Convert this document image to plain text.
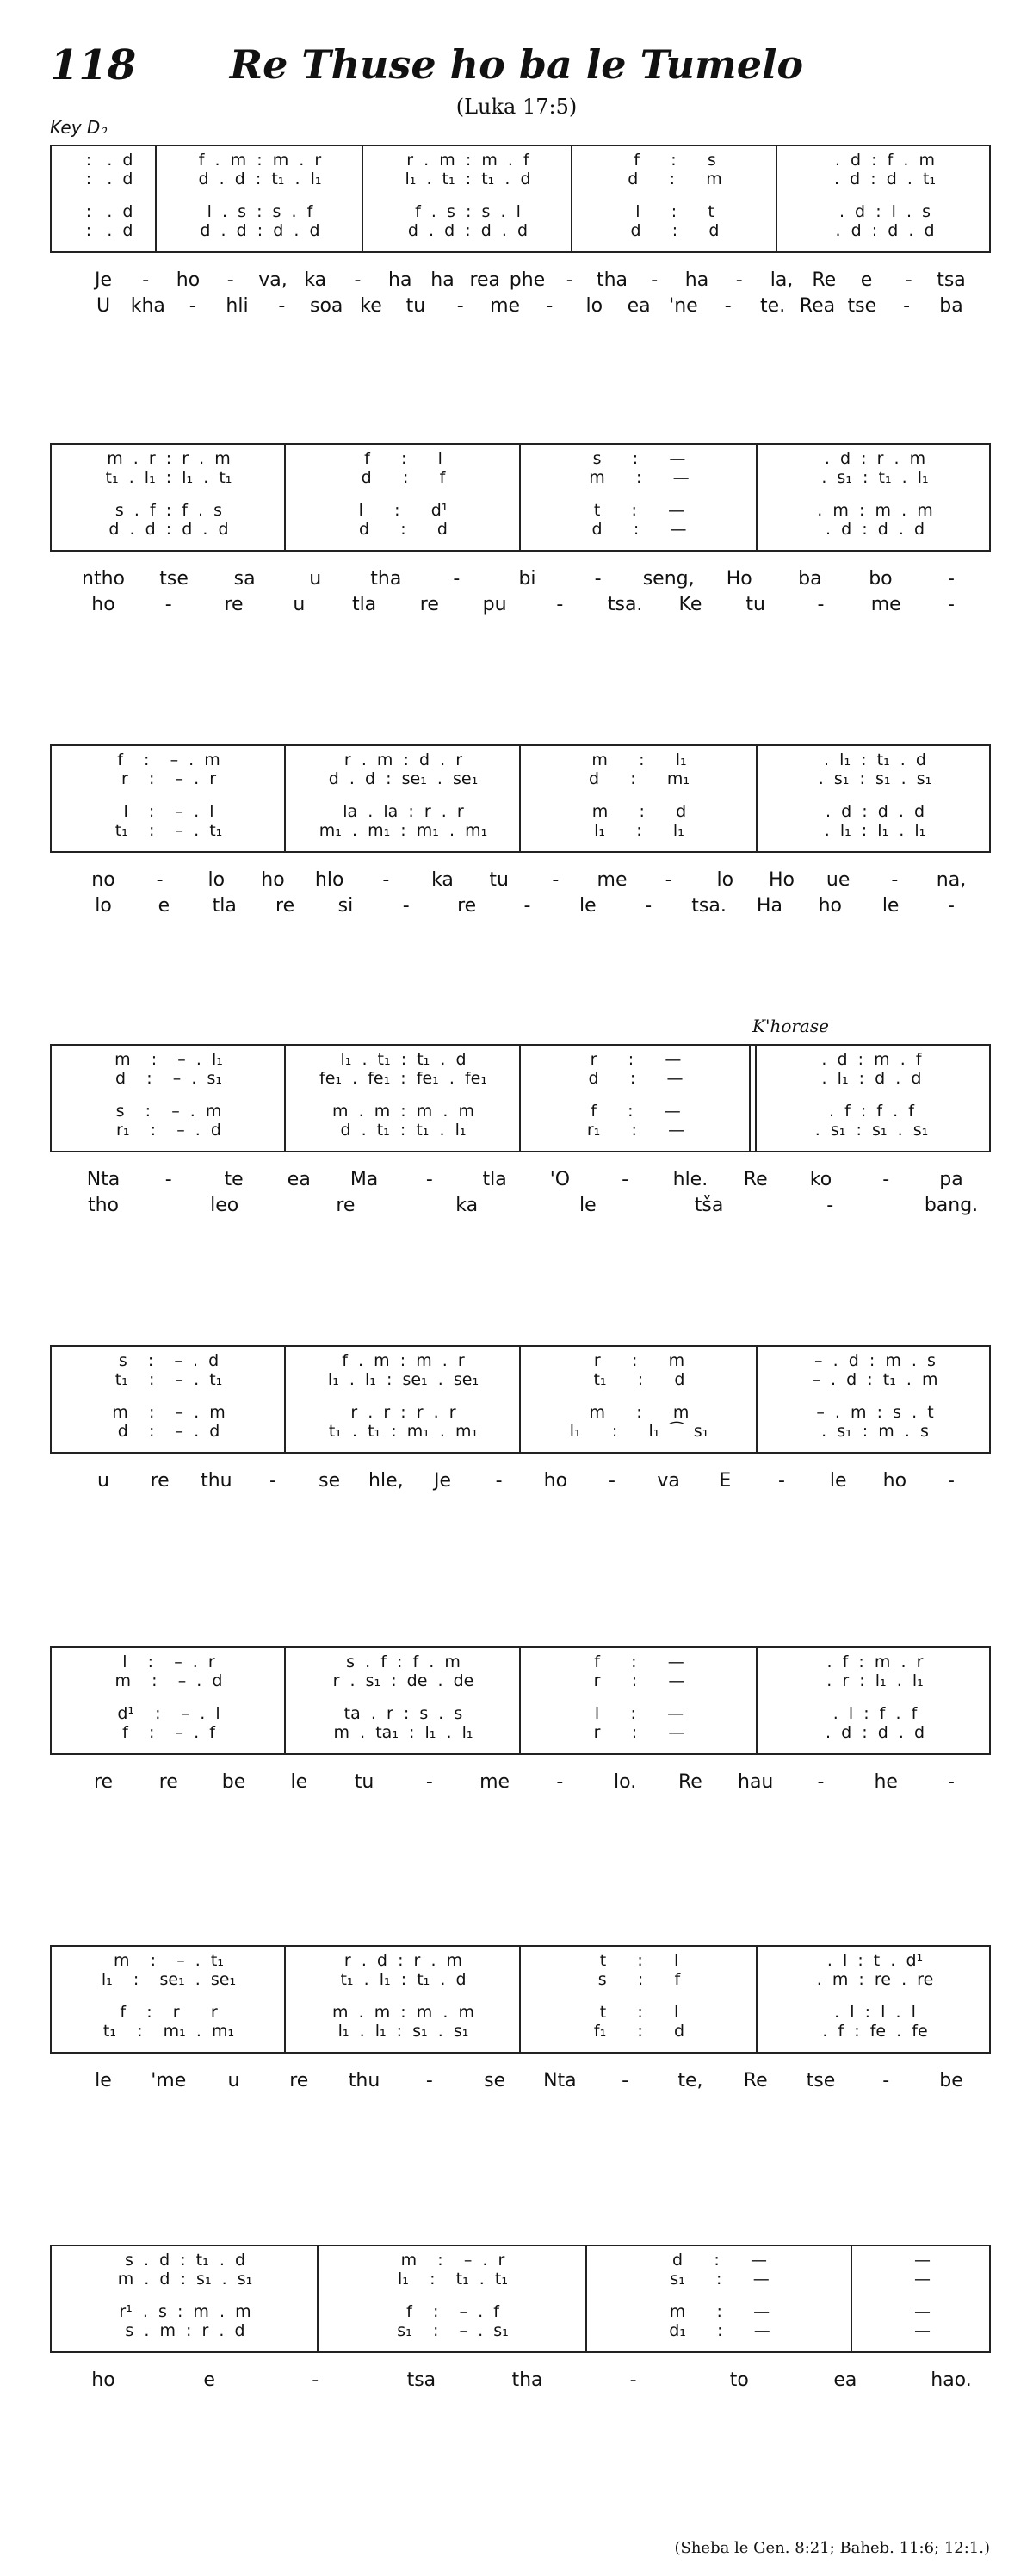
118	Re Thuse ho ba le Tumelo
(Luka 17:5)
Key D♭
K'horase
:   .  d	f  .  m  :  m  .  r	r  .  m  :  m  .  f	f      :      s	.  d  :  f  .  m
:   .  d	d  .  d  :  t₁  .  l₁	l₁  .  t₁  :  t₁  .  d	d      :      m	.  d  :  d  .  t₁
:   .  d	l  .  s  :  s  .  f	f  .  s  :  s  .  l	l      :      t	.  d  :  l  .  s
:   .  d	d  .  d  :  d  .  d	d  .  d  :  d  .  d	d      :      d	.  d  :  d  .  d
Je - ho - va, ka - ha ha rea phe - tha - ha - la, Re e - tsa
U kha - hli - soa ke tu - me - lo ea 'ne - te. Rea tse - ba
m  .  r  :  r  .  m	f      :      l	s      :      —	.  d  :  r  .  m
t₁  .  l₁  :  l₁  .  t₁	d      :      f	m      :      —	.  s₁  :  t₁  .  l₁
s  .  f  :  f  .  s	l      :      d¹	t      :      —	.  m  :  m  .  m
d  .  d  :  d  .  d	d      :      d	d      :      —	.  d  :  d  .  d
ntho tse sa	u	tha	-	bi	- seng, Ho ba bo	-
ho	-	re	u tla re pu	- tsa. Ke tu	- me -
f    :    –  .  m	r  .  m  :  d  .  r	m      :      l₁	.  l₁  :  t₁  .  d
r    :    –  .  r	d  .  d  :  se₁  .  se₁	d      :      m₁	.  s₁  :  s₁  .  s₁
l    :    –  .  l	la  .  la  :  r  .  r	m      :      d	.  d  :  d  .  d
t₁    :    –  .  t₁	m₁  .  m₁  :  m₁  .  m₁	l₁      :      l₁	.  l₁  :  l₁  .  l₁
no - lo ho hlo - ka tu - me - lo Ho ue - na,
lo e tla re si	-	re	-	le	- tsa. Ha ho le	-
m    :    –  .  l₁	l₁  .  t₁  :  t₁  .  d	r      :      —	.  d  :  m  .  f
d    :    –  .  s₁	fe₁  .  fe₁  :  fe₁  .  fe₁	d      :      —	.  l₁  :  d  .  d
s    :    –  .  m	m  .  m  :  m  .  m	f      :      —	.  f  :  f  .  f
r₁    :    –  .  d	d  .  t₁  :  t₁  .  l₁	r₁      :      —	.  s₁  :  s₁  .  s₁
Nta -	te ea Ma	-	tla 'O	- hle. Re ko	-	pa
tho	leo	re	ka	le	tša	-	bang.
s    :    –  .  d	f  .  m  :  m  .  r	r      :      m	–  .  d  :  m  .  s
t₁    :    –  .  t₁	l₁  .  l₁  :  se₁  .  se₁	t₁      :      d	–  .  d  :  t₁  .  m
m    :    –  .  m	r  .  r  :  r  .  r	m      :      m	–  .  m  :  s  .  t
d    :    –  .  d	t₁  .  t₁  :  m₁  .  m₁	l₁      :      l₁  ⁀  s₁	.  s₁  :  m  .  s
u re thu - se hle, Je - ho - va E - le ho -
l    :    –  .  r	s  .  f  :  f  .  m	f      :      —	.  f  :  m  .  r
m    :    –  .  d	r  .  s₁  :  de  .  de	r      :      —	.  r  :  l₁  .  l₁
d¹    :    –  .  l	ta  .  r  :  s  .  s	l      :      —	.  l  :  f  .  f
f    :    –  .  f	m  .  ta₁  :  l₁  .  l₁	r      :      —	.  d  :  d  .  d
re re be le tu	- me -	lo. Re hau -	he	-
m    :    –  .  t₁	r  .  d  :  r  .  m	t      :      l	.  l  :  t  .  d¹
l₁    :    se₁  .  se₁	t₁  .  l₁  :  t₁  .  d	s      :      f	.  m  :  re  .  re
f    :    r      r	m  .  m  :  m  .  m	t      :      l	.  l  :  l  .  l
t₁    :    m₁  .  m₁	l₁  .  l₁  :  s₁  .  s₁	f₁      :      d	.  f  :  fe  .  fe
le 'me u	re thu -	se Nta -	te, Re tse -	be
s  .  d  :  t₁  .  d	m    :    –  .  r	d      :      —	—
m  .  d  :  s₁  .  s₁	l₁    :    t₁  .  t₁	s₁      :      —	—
r¹  .  s  :  m  .  m	f    :    –  .  f	m      :      —	—
s  .  m  :  r  .  d	s₁    :    –  .  s₁	d₁      :      —	—
ho	e	-	tsa	tha	-	to	ea	hao.
(Sheba le Gen. 8:21; Baheb. 11:6; 12:1.)
